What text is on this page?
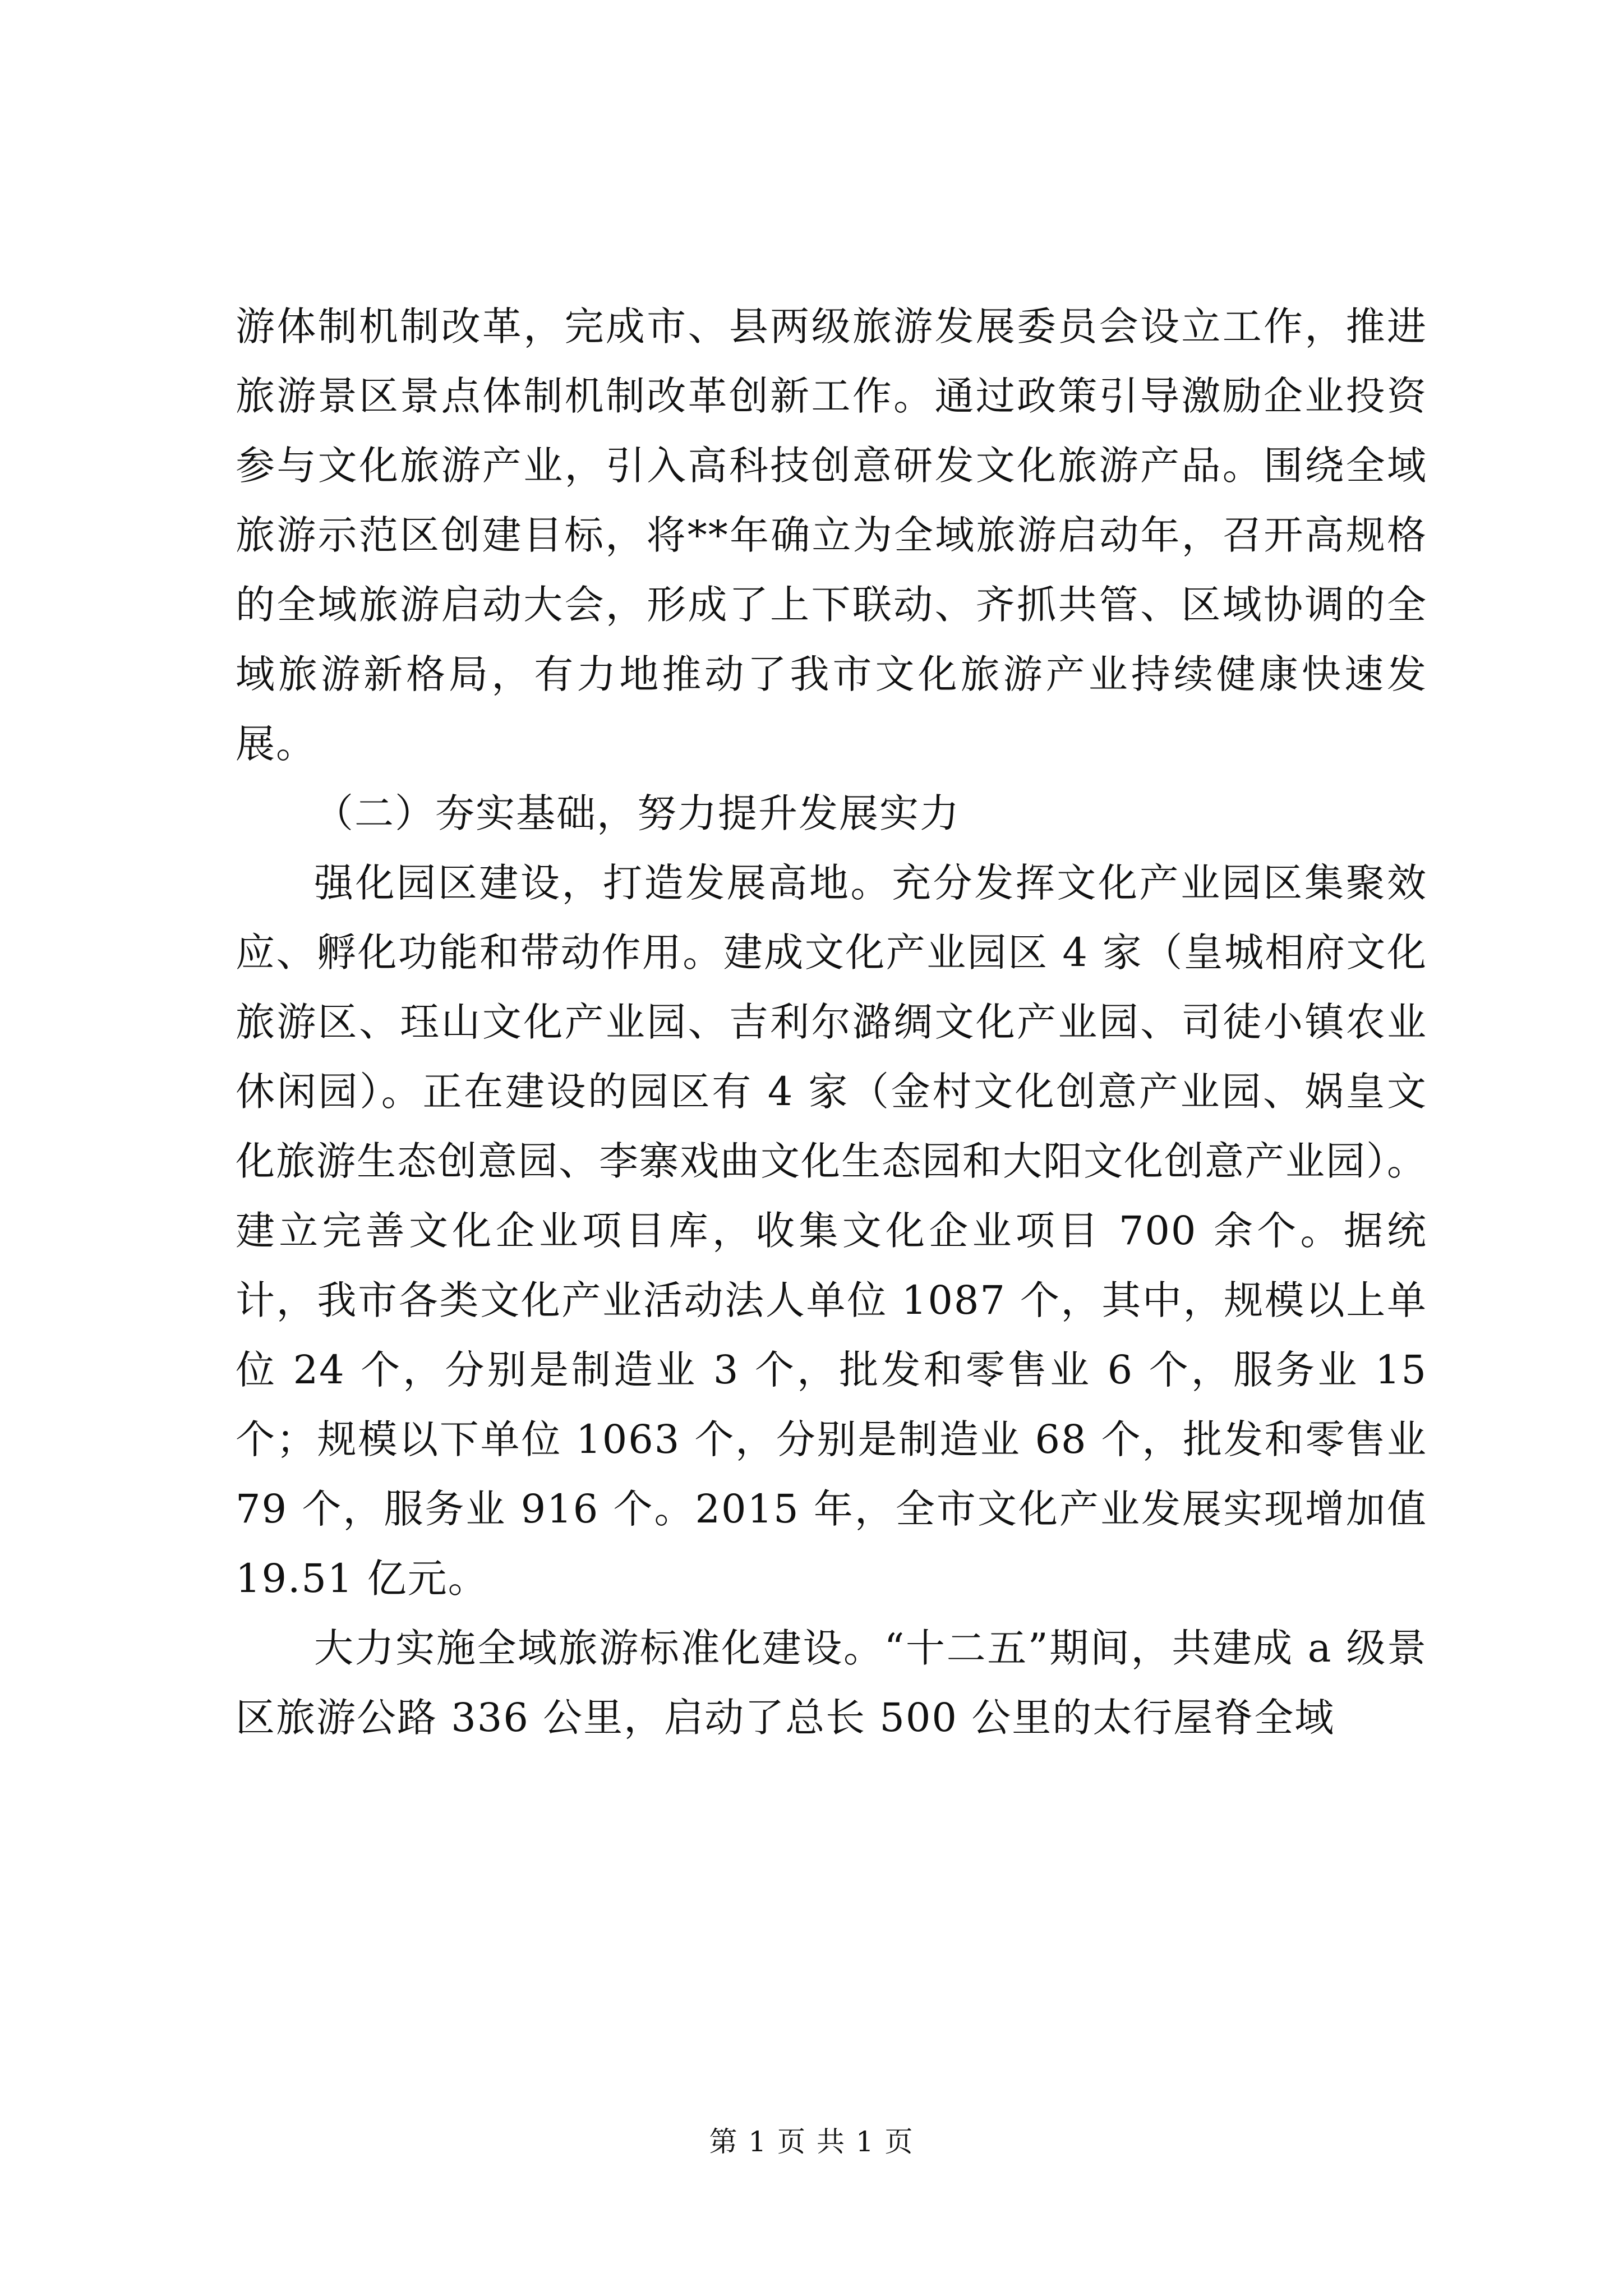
游体制机制改革，完成市、县两级旅游发展委员会设立工作，推进旅游景区景点体制机制改革创新工作。通过政策引导激励企业投资参与文化旅游产业，引入高科技创意研发文化旅游产品。围绕全域旅游示范区创建目标，将**年确立为全域旅游启动年，召开高规格的全域旅游启动大会，形成了上下联动、齐抓共管、区域协调的全域旅游新格局，有力地推动了我市文化旅游产业持续健康快速发展。

（二）夯实基础，努力提升发展实力

强化园区建设，打造发展高地。充分发挥文化产业园区集聚效应、孵化功能和带动作用。建成文化产业园区 4 家（皇城相府文化旅游区、珏山文化产业园、吉利尔潞绸文化产业园、司徒小镇农业休闲园）。正在建设的园区有 4 家（金村文化创意产业园、娲皇文化旅游生态创意园、李寨戏曲文化生态园和大阳文化创意产业园）。建立完善文化企业项目库，收集文化企业项目 700 余个。据统计，我市各类文化产业活动法人单位 1087 个，其中，规模以上单位 24 个，分别是制造业 3 个，批发和零售业 6 个，服务业 15 个；规模以下单位 1063 个，分别是制造业 68 个，批发和零售业 79 个，服务业 916 个。2015 年，全市文化产业发展实现增加值 19.51 亿元。

大力实施全域旅游标准化建设。“十二五”期间，共建成 a 级景区旅游公路 336 公里，启动了总长 500 公里的太行屋脊全域

第 1 页 共 1 页
